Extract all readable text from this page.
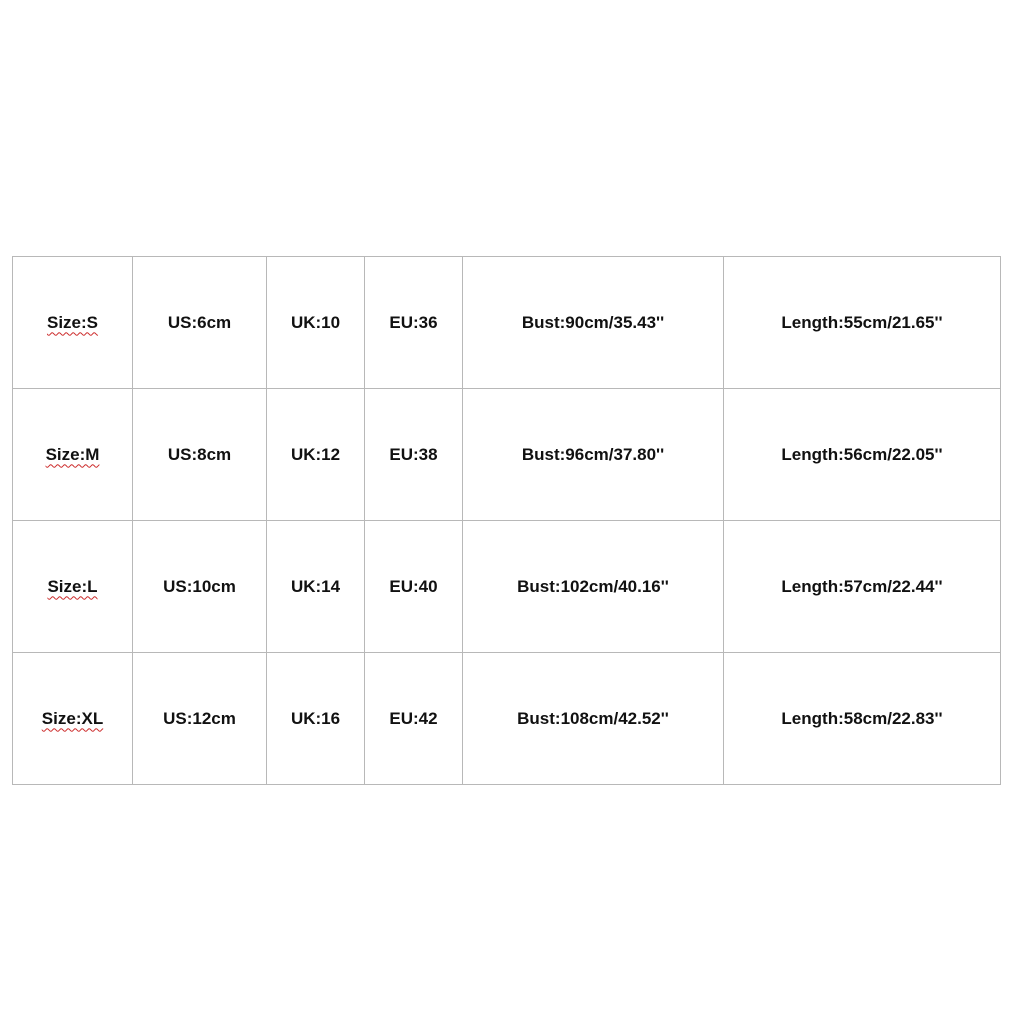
Size:S	US:6cm	UK:10	EU:36	Bust:90cm/35.43''	Length:55cm/21.65''
Size:M	US:8cm	UK:12	EU:38	Bust:96cm/37.80''	Length:56cm/22.05''
Size:L	US:10cm	UK:14	EU:40	Bust:102cm/40.16''	Length:57cm/22.44''
Size:XL	US:12cm	UK:16	EU:42	Bust:108cm/42.52''	Length:58cm/22.83''
